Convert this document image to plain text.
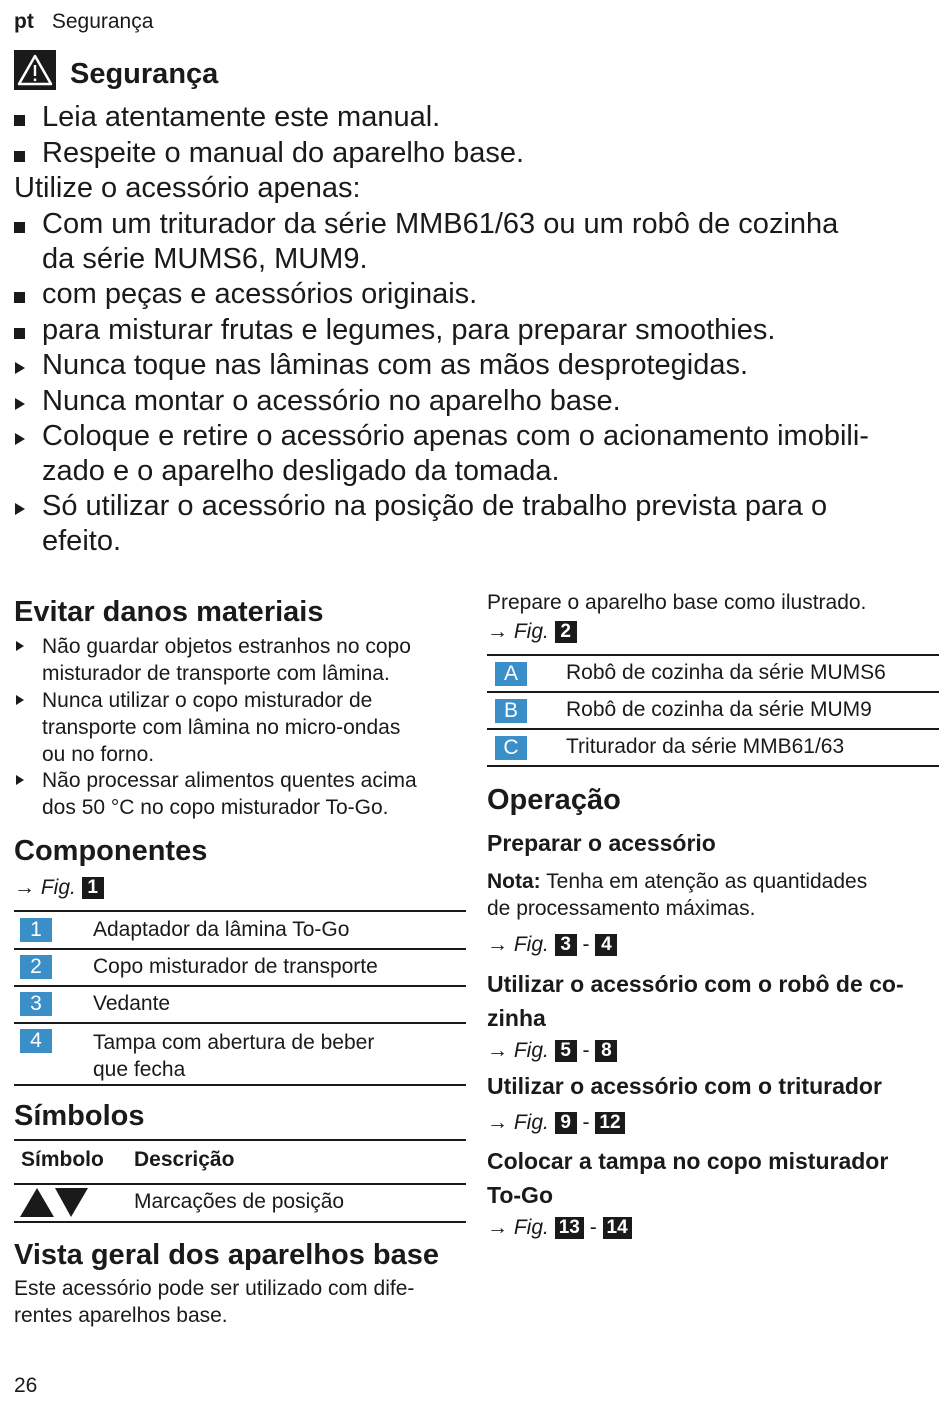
pt Segurança
Segurança
Leia atentamente este manual.
Respeite o manual do aparelho base.
Utilize o acessório apenas:
Com um triturador da série MMB61/63 ou um robô de cozinha
da série MUMS6, MUM9.
com peças e acessórios originais.
para misturar frutas e legumes, para preparar smoothies.
Nunca toque nas lâminas com as mãos desprotegidas.
Nunca montar o acessório no aparelho base.
Coloque e retire o acessório apenas com o acionamento imobili-
zado e o aparelho desligado da tomada.
Só utilizar o acessório na posição de trabalho prevista para o
efeito.
Evitar danos materiais
Não guardar objetos estranhos no copo
misturador de transporte com lâmina.
Nunca utilizar o copo misturador de
transporte com lâmina no micro-ondas
ou no forno.
Não processar alimentos quentes acima
dos 50 °C no copo misturador To-Go.
Componentes
→ Fig. 1
1	Adaptador da lâmina To-Go
2	Copo misturador de transporte
3	Vedante
4	Tampa com abertura de beber
que fecha
Símbolos
Símbolo Descrição
Marcações de posição
Vista geral dos aparelhos base
Este acessório pode ser utilizado com dife-
rentes aparelhos base.
Prepare o aparelho base como ilustrado.
→ Fig. 2
A	Robô de cozinha da série MUMS6
B	Robô de cozinha da série MUM9
C	Triturador da série MMB61/63
Operação
Preparar o acessório
Nota: Tenha em atenção as quantidades
de processamento máximas.
→ Fig. 3 - 4
Utilizar o acessório com o robô de co-
zinha
→ Fig. 5 - 8
Utilizar o acessório com o triturador
→ Fig. 9 - 12
Colocar a tampa no copo misturador
To-Go
→ Fig. 13 - 14
26
